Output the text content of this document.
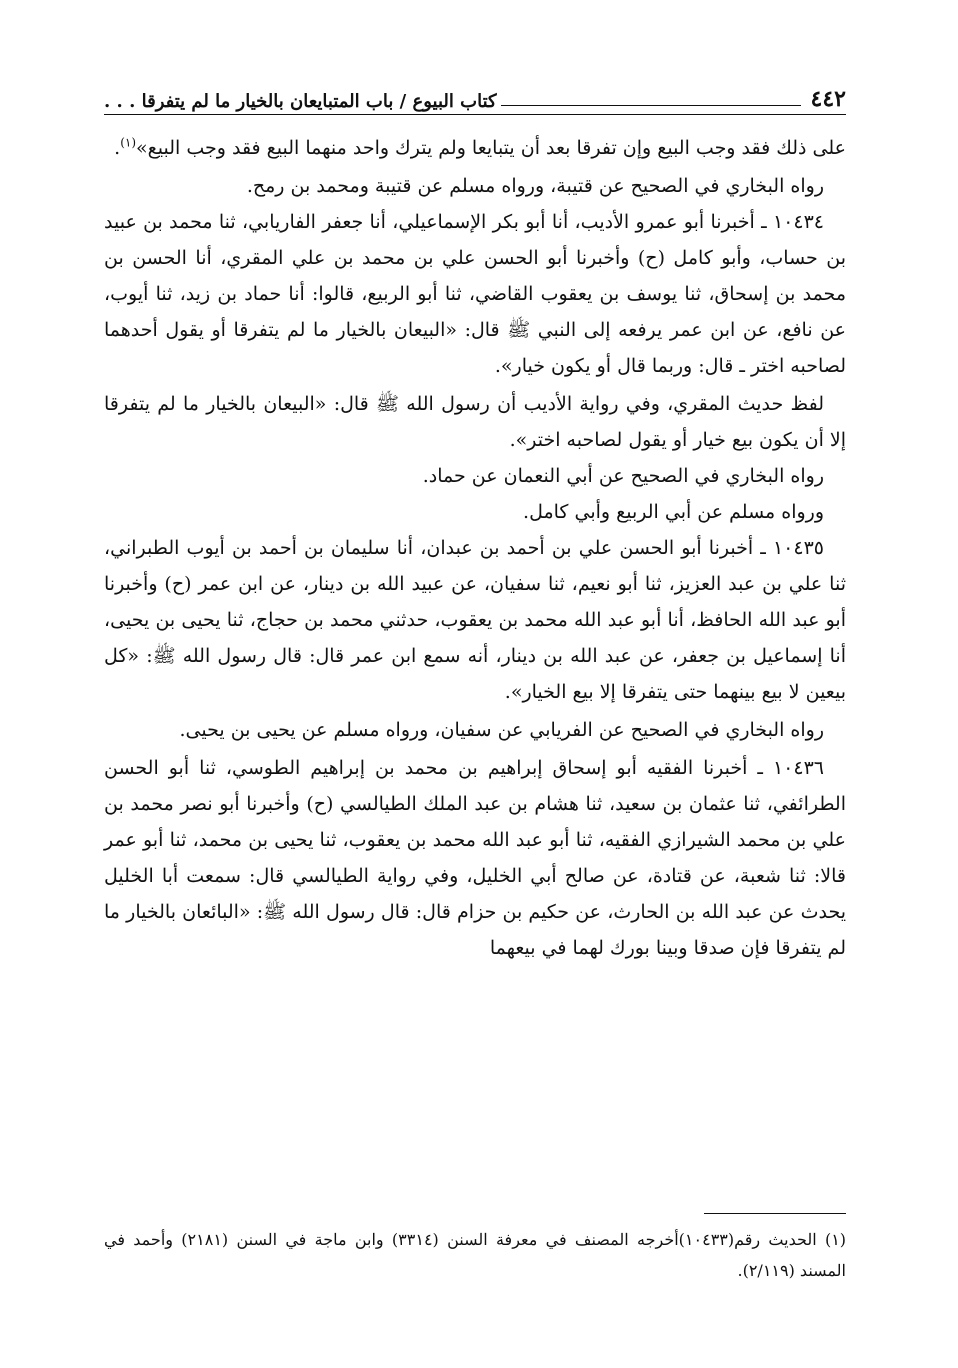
٤٤٢
كتاب البيوع / باب المتبايعان بالخيار ما لم يتفرقا . . .

على ذلك فقد وجب البيع وإن تفرقا بعد أن يتبايعا ولم يترك واحد منهما البيع فقد وجب البيع»$^{(١)}$.

رواه البخاري في الصحيح عن قتيبة، ورواه مسلم عن قتيبة ومحمد بن رمح.

١٠٤٣٤ ـ أخبرنا أبو عمرو الأديب، أنا أبو بكر الإسماعيلي، أنا جعفر الفاريابي، ثنا محمد بن عبيد بن حساب، وأبو كامل (ح) وأخبرنا أبو الحسن علي بن محمد بن علي المقري، أنا الحسن بن محمد بن إسحاق، ثنا يوسف بن يعقوب القاضي، ثنا أبو الربيع، قالوا: أنا حماد بن زيد، ثنا أيوب، عن نافع، عن ابن عمر يرفعه إلى النبي ﷺ قال: «البيعان بالخيار ما لم يتفرقا أو يقول أحدهما لصاحبه اختر ـ قال: وربما قال أو يكون خيار».

لفظ حديث المقري، وفي رواية الأديب أن رسول الله ﷺ قال: «البيعان بالخيار ما لم يتفرقا إلا أن يكون بيع خيار أو يقول لصاحبه اختر».

رواه البخاري في الصحيح عن أبي النعمان عن حماد.

ورواه مسلم عن أبي الربيع وأبي كامل.

١٠٤٣٥ ـ أخبرنا أبو الحسن علي بن أحمد بن عبدان، أنا سليمان بن أحمد بن أيوب الطبراني، ثنا علي بن عبد العزيز، ثنا أبو نعيم، ثنا سفيان، عن عبيد الله بن دينار، عن ابن عمر (ح) وأخبرنا أبو عبد الله الحافظ، أنا أبو عبد الله محمد بن يعقوب، حدثني محمد بن حجاج، ثنا يحيى بن يحيى، أنا إسماعيل بن جعفر، عن عبد الله بن دينار، أنه سمع ابن عمر قال: قال رسول الله ﷺ: «كل بيعين لا بيع بينهما حتى يتفرقا إلا بيع الخيار».

رواه البخاري في الصحيح عن الفريابي عن سفيان، ورواه مسلم عن يحيى بن يحيى.

١٠٤٣٦ ـ أخبرنا الفقيه أبو إسحاق إبراهيم بن محمد بن إبراهيم الطوسي، ثنا أبو الحسن الطرائفي، ثنا عثمان بن سعيد، ثنا هشام بن عبد الملك الطيالسي (ح) وأخبرنا أبو نصر محمد بن علي بن محمد الشيرازي الفقيه، ثنا أبو عبد الله محمد بن يعقوب، ثنا يحيى بن محمد، ثنا أبو عمر قالا: ثنا شعبة، عن قتادة، عن صالح أبي الخليل، وفي رواية الطيالسي قال: سمعت أبا الخليل يحدث عن عبد الله بن الحارث، عن حكيم بن حزام قال: قال رسول الله ﷺ: «البائعان بالخيار ما لم يتفرقا فإن صدقا وبينا بورك لهما في بيعهما

(١) الحديث رقم(١٠٤٣٣)أخرجه المصنف في معرفة السنن (٣٣١٤) وابن ماجة في السنن (٢١٨١) وأحمد في المسند (٢/١١٩).
